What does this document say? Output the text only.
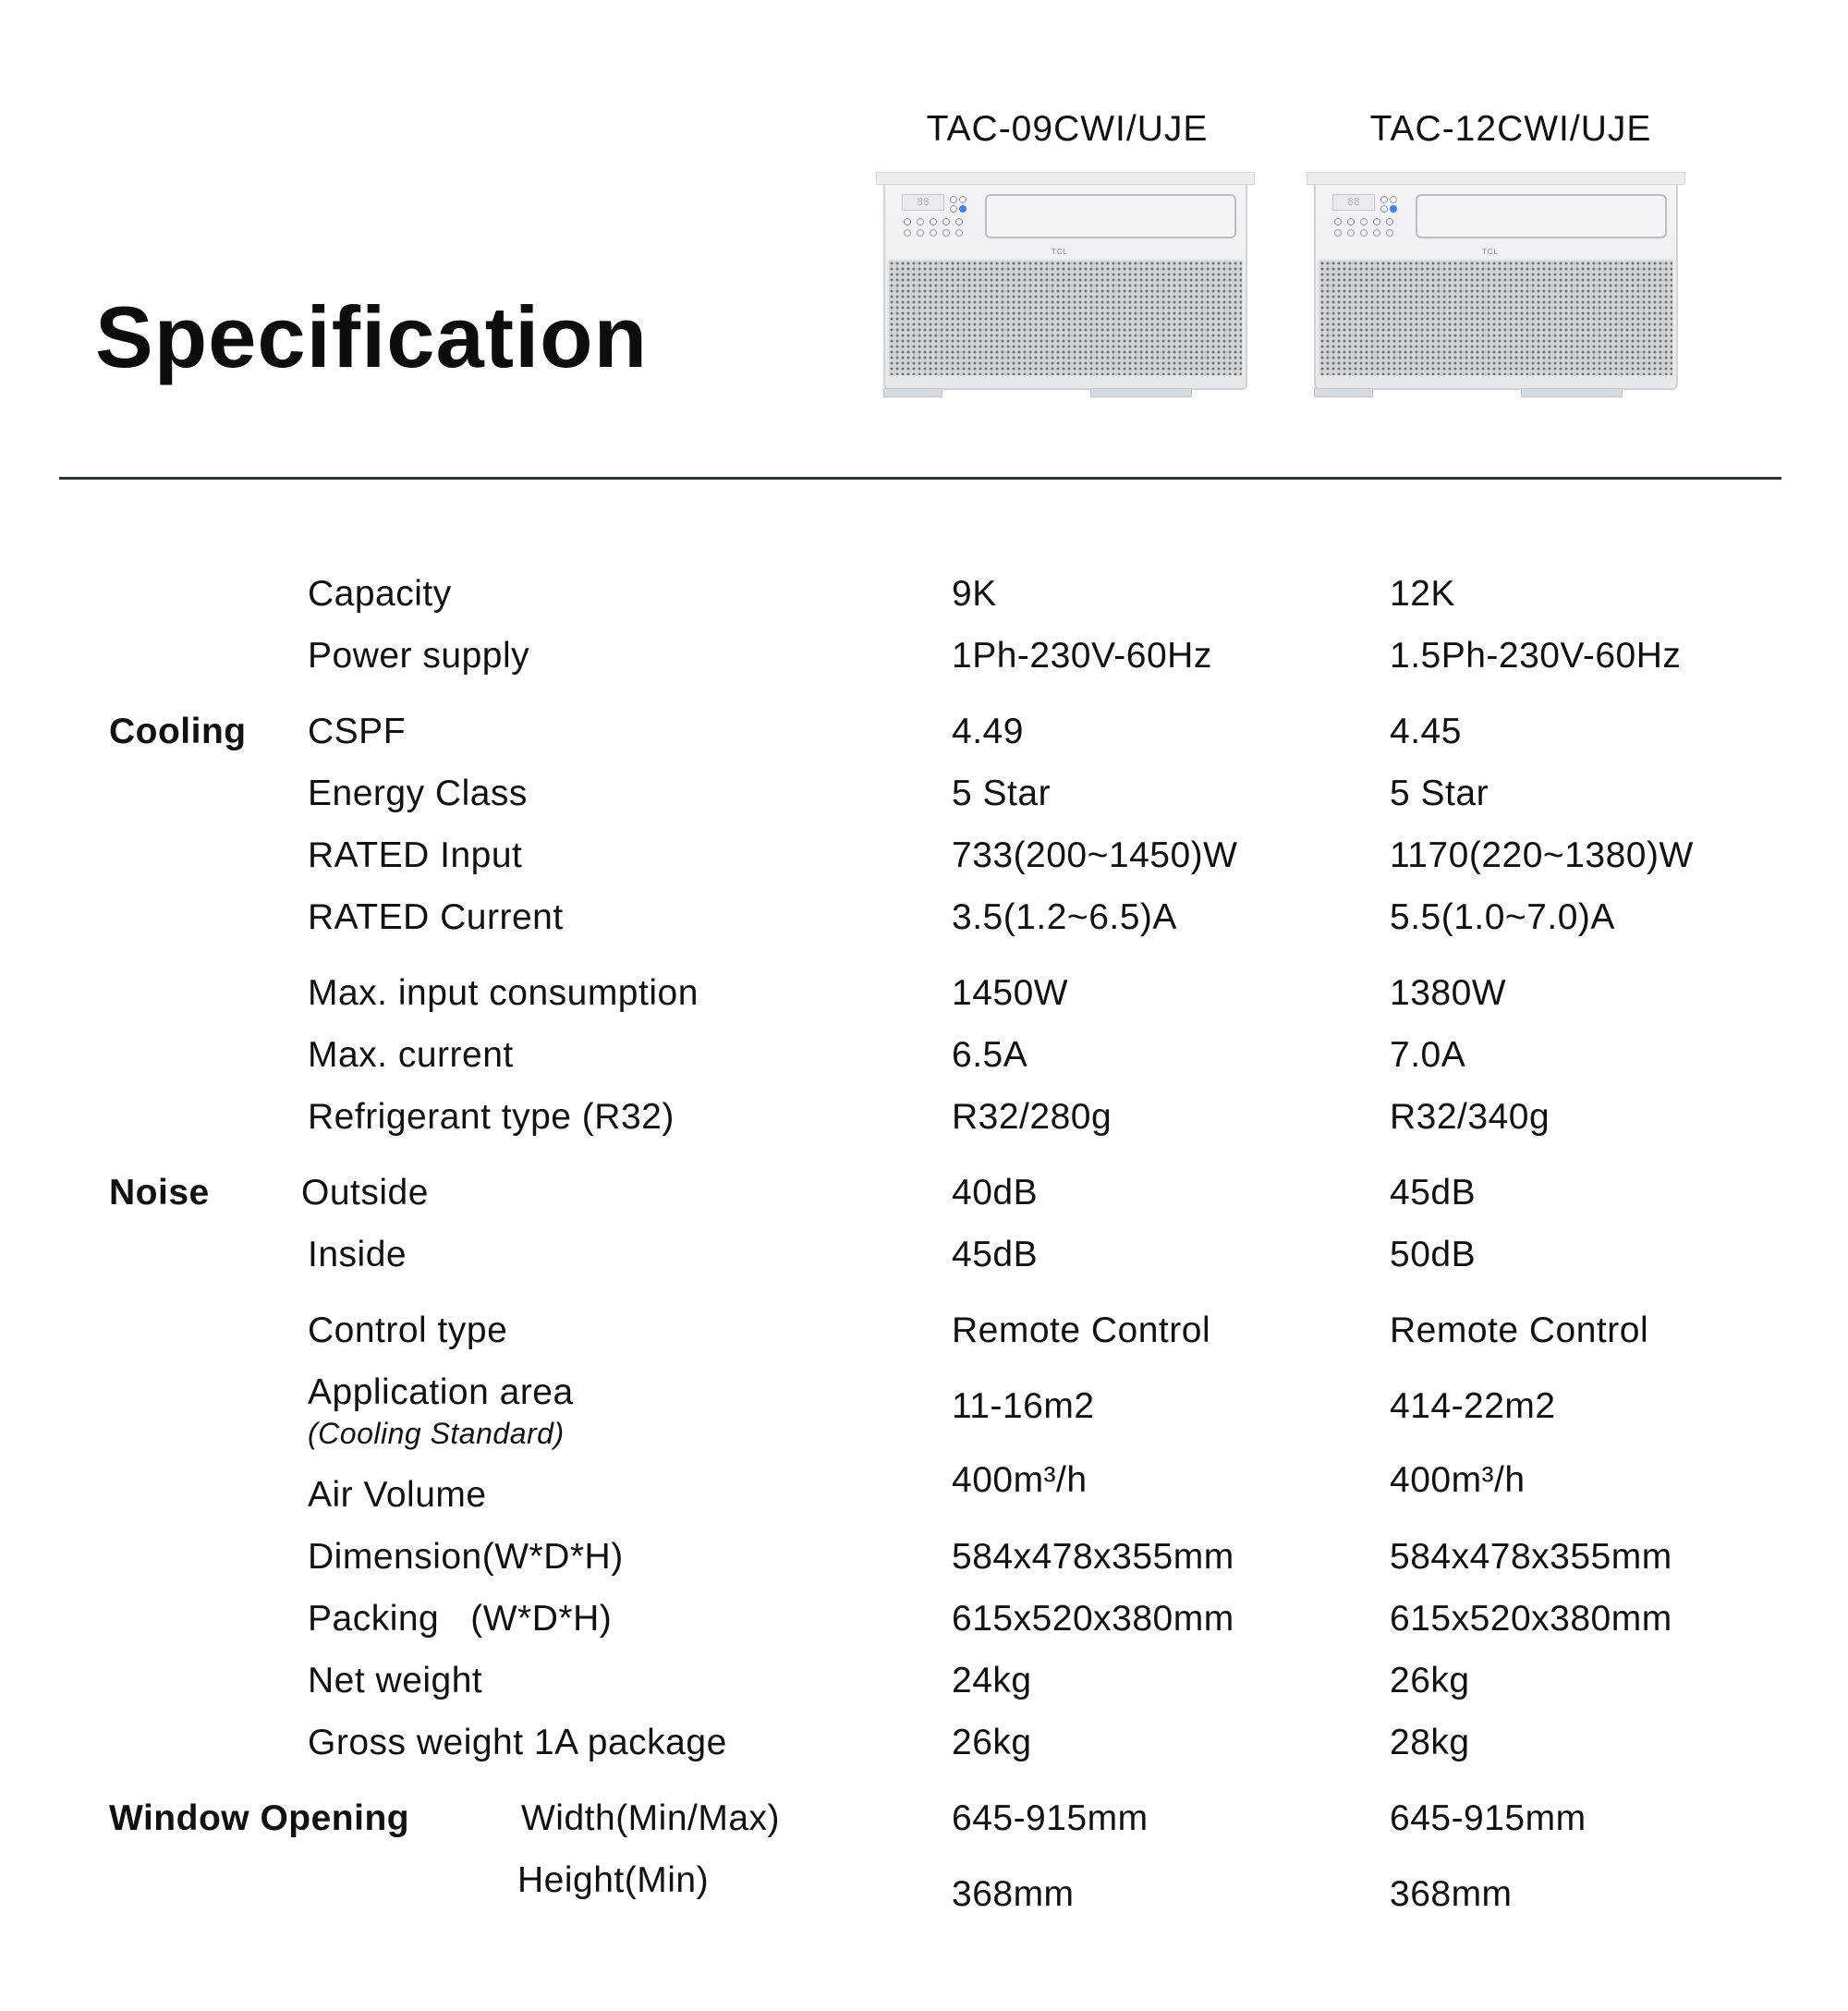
Specification
TAC-09CWI/UJE	TAC-12CWI/UJE
88
TCL
88
TCL
Capacity	9K	12K
Power supply	1Ph-230V-60Hz	1.5Ph-230V-60Hz
Cooling CSPF	4.49	4.45
Energy Class	5 Star	5 Star
RATED Input	733(200~1450)W	1170(220~1380)W
RATED Current	3.5(1.2~6.5)A	5.5(1.0~7.0)A
Max. input consumption	1450W	1380W
Max. current	6.5A	7.0A
Refrigerant type (R32)	R32/280g	R32/340g
Noise	Outside	40dB	45dB
Inside	45dB	50dB
Control type	Remote Control	Remote Control
Application area
(Cooling Standard)
11-16m2	414-22m2
Air Volume	400m³/h	400m³/h
Dimension(W*D*H)	584x478x355mm	584x478x355mm
Packing   (W*D*H)	615x520x380mm	615x520x380mm
Net weight	24kg	26kg
Gross weight 1A package	26kg	28kg
Window Opening	Width(Min/Max)	645-915mm	645-915mm
Height(Min)	368mm	368mm
